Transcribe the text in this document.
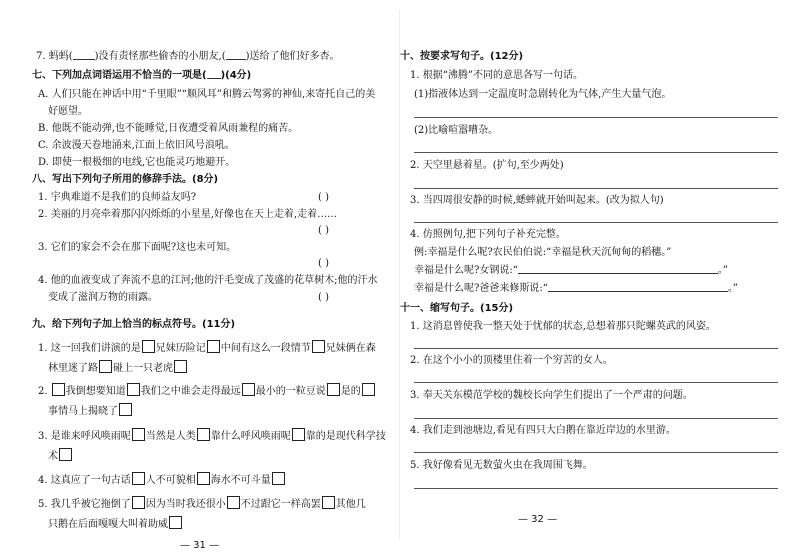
7. 蚂蚂( )没有责怪那些偷杏的小朋友,( )送给了他们好多杏。
七、下列加点词语运用不恰当的一项是( )(4分)
A. 人们只能在神话中用“千里眼”“顺风耳”和腾云驾雾的神仙,来寄托自己的美
好愿望。
B. 他既不能动弹,也不能睡觉,日夜遭受着风雨兼程的痛苦。
C. 余波漫天卷地涌来,江面上依旧风号浪吼。
D. 即使一根极细的电线,它也能灵巧地避开。
八、写出下列句子所用的修辞手法。(8分)
1. 宇典难道不是我们的良师益友吗?	( )
2. 美丽的月亮牵着那闪闪烁烁的小星星,好像也在天上走着,走着……
( )
3. 它们的家会不会在那下面呢?这也未可知。
( )
4. 他的血液变成了奔流不息的江河;他的汗毛变成了茂盛的花草树木;他的汗水
变成了滋润万物的雨露。	( )
九、给下列句子加上恰当的标点符号。(11分)
1. 这一回我们讲演的是 兄妹历险记 中间有这么一段情节 兄妹俩在森
林里迷了路 碰上一只老虎
2. 我倒想要知道 我们之中谁会走得最远 最小的一粒豆说 是的
事情马上揭晓了
3. 是谁来呼风唤雨呢 当然是人类 靠什么呼风唤雨呢 靠的是现代科学技
术
4. 这真应了一句古话 人不可貌相 海水不可斗量
5. 我几乎被它拖倒了 因为当时我还很小 不过跟它一样高罢 其他几
只鹅在后面嘎嘎大叫着助威
— 31 —
十、按要求写句子。(12分)
1. 根据“沸腾”不同的意思各写一句话。
(1)指液体达到一定温度时急剧转化为气体,产生大量气泡。
(2)比喻喧嚣嘈杂。
2. 天空里悬着星。(扩句,至少两处)
3. 当四周很安静的时候,蟋蟀就开始叫起来。(改为拟人句)
4. 仿照例句,把下列句子补充完整。
例:幸福是什么呢?农民伯伯说:“幸福是秋天沉甸甸的稻穗。”
幸福是什么呢?女钢说:“	。”
幸福是什么呢?爸爸来修斯说:“	。”
十一、缩写句子。(15分)
1. 这消息曾使我一整天处于忧郁的状态,总想着那只陀螺英武的风姿。
2. 在这个小小的顶楼里住着一个穷苦的女人。
3. 奉天关东模范学校的魏校长向学生们提出了一个严肃的问题。
4. 我们走到池塘边,看见有四只大白鹅在靠近岸边的水里游。
5. 我好像看见无数萤火虫在我周围飞舞。
— 32 —
